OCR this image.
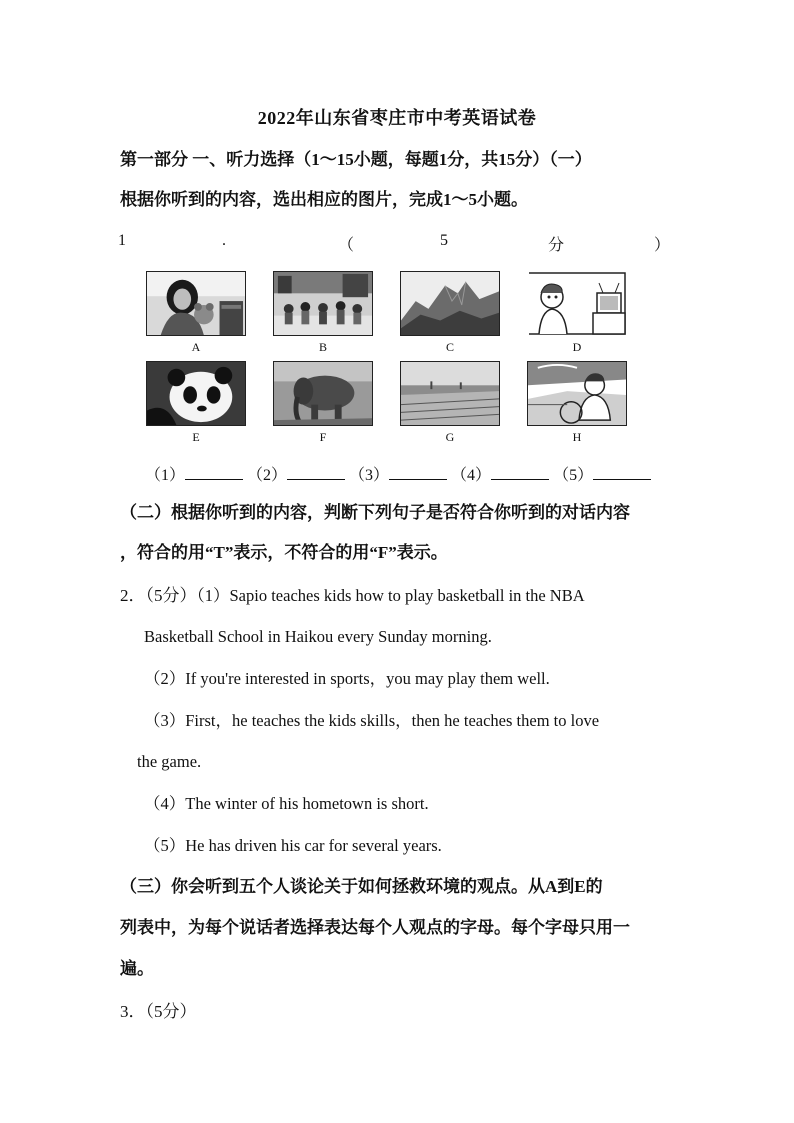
2022年山东省枣庄市中考英语试卷
第一部分 一、听力选择（1～15小题，每题1分，共15分）（一）
根据你听到的内容，选出相应的图片，完成1～5小题。
1	.	（	5	分	）
A	B	C	D
E	F	G	H
（1）	（2）	（3）	（4）	（5）
（二）根据你听到的内容，判断下列句子是否符合你听到的对话内容
，符合的用“T”表示，不符合的用“F”表示。
2．（5分）（1）Sapio teaches kids how to play basketball in the NBA
Basketball School in Haikou every Sunday morning.
（2）If you're interested in sports，you may play them well.
（3）First，he teaches the kids skills，then he teaches them to love
the game.
（4）The winter of his hometown is short.
（5）He has driven his car for several years.
（三）你会听到五个人谈论关于如何拯救环境的观点。从A到E的
列表中，为每个说话者选择表达每个人观点的字母。每个字母只用一
遍。
3．（5分）
